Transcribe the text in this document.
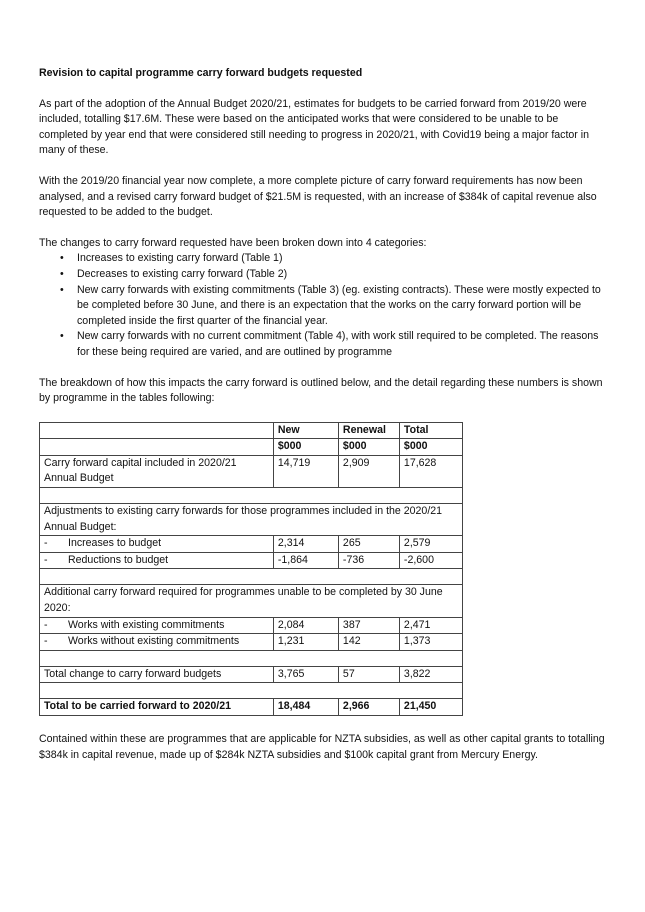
Revision to capital programme carry forward budgets requested

As part of the adoption of the Annual Budget 2020/21, estimates for budgets to be carried forward from 2019/20 were included, totalling $17.6M. These were based on the anticipated works that were considered to be unable to be completed by year end that were considered still needing to progress in 2020/21, with Covid19 being a major factor in many of these.

With the 2019/20 financial year now complete, a more complete picture of carry forward requirements has now been analysed, and a revised carry forward budget of $21.5M is requested, with an increase of $384k of capital revenue also requested to be added to the budget.

The changes to carry forward requested have been broken down into 4 categories:

• Increases to existing carry forward (Table 1)
• Decreases to existing carry forward (Table 2)
• New carry forwards with existing commitments (Table 3) (eg. existing contracts). These were mostly expected to be completed before 30 June, and there is an expectation that the works on the carry forward portion will be completed inside the first quarter of the financial year.
• New carry forwards with no current commitment (Table 4), with work still required to be completed. The reasons for these being required are varied, and are outlined by programme

The breakdown of how this impacts the carry forward is outlined below, and the detail regarding these numbers is shown by programme in the tables following:

	New	Renewal	Total
	$000	$000	$000
Carry forward capital included in 2020/21 Annual Budget	14,719	2,909	17,628

Adjustments to existing carry forwards for those programmes included in the 2020/21 Annual Budget:			
- Increases to budget	2,314	265	2,579
- Reductions to budget	-1,864	-736	-2,600

Additional carry forward required for programmes unable to be completed by 30 June 2020:			
- Works with existing commitments	2,084	387	2,471
- Works without existing commitments	1,231	142	1,373

Total change to carry forward budgets	3,765	57	3,822

Total to be carried forward to 2020/21	18,484	2,966	21,450

Contained within these are programmes that are applicable for NZTA subsidies, as well as other capital grants to totalling $384k in capital revenue, made up of $284k NZTA subsidies and $100k capital grant from Mercury Energy.
